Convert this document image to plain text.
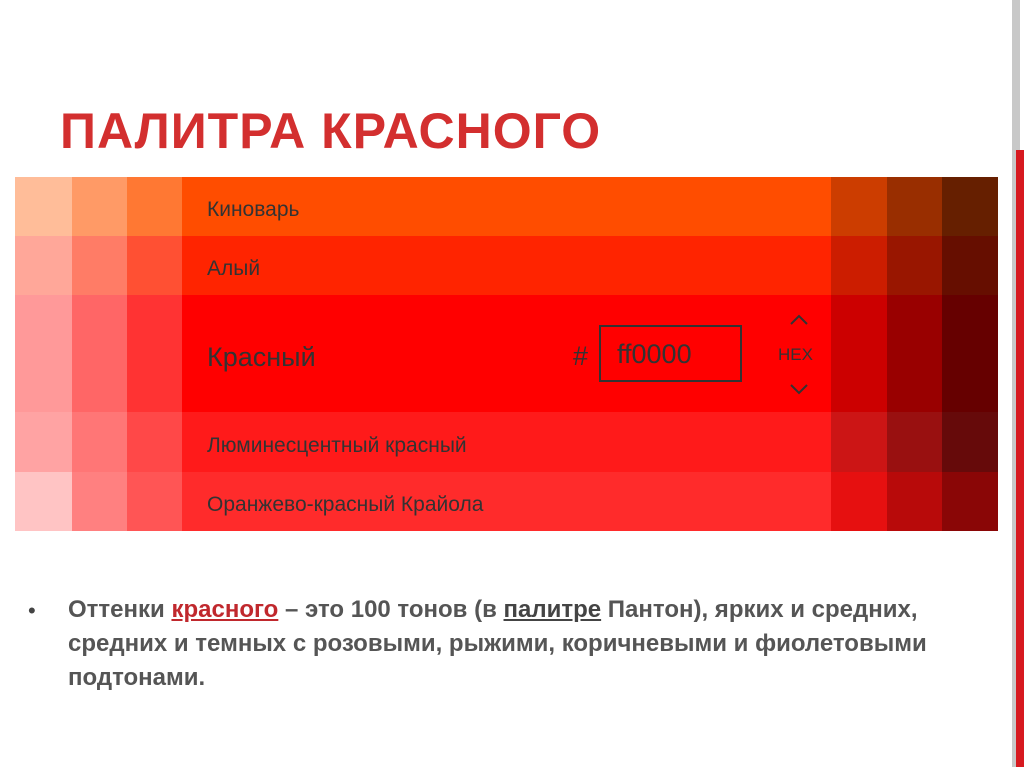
ПАЛИТРА КРАСНОГО
Киноварь
Алый
Красный
Люминесцентный красный
Оранжево-красный Крайола
# ff0000	HEX
• Оттенки красного – это 100 тонов (в палитре Пантон), ярких и средних, средних и темных с розовыми, рыжими, коричневыми и фиолетовыми подтонами.
